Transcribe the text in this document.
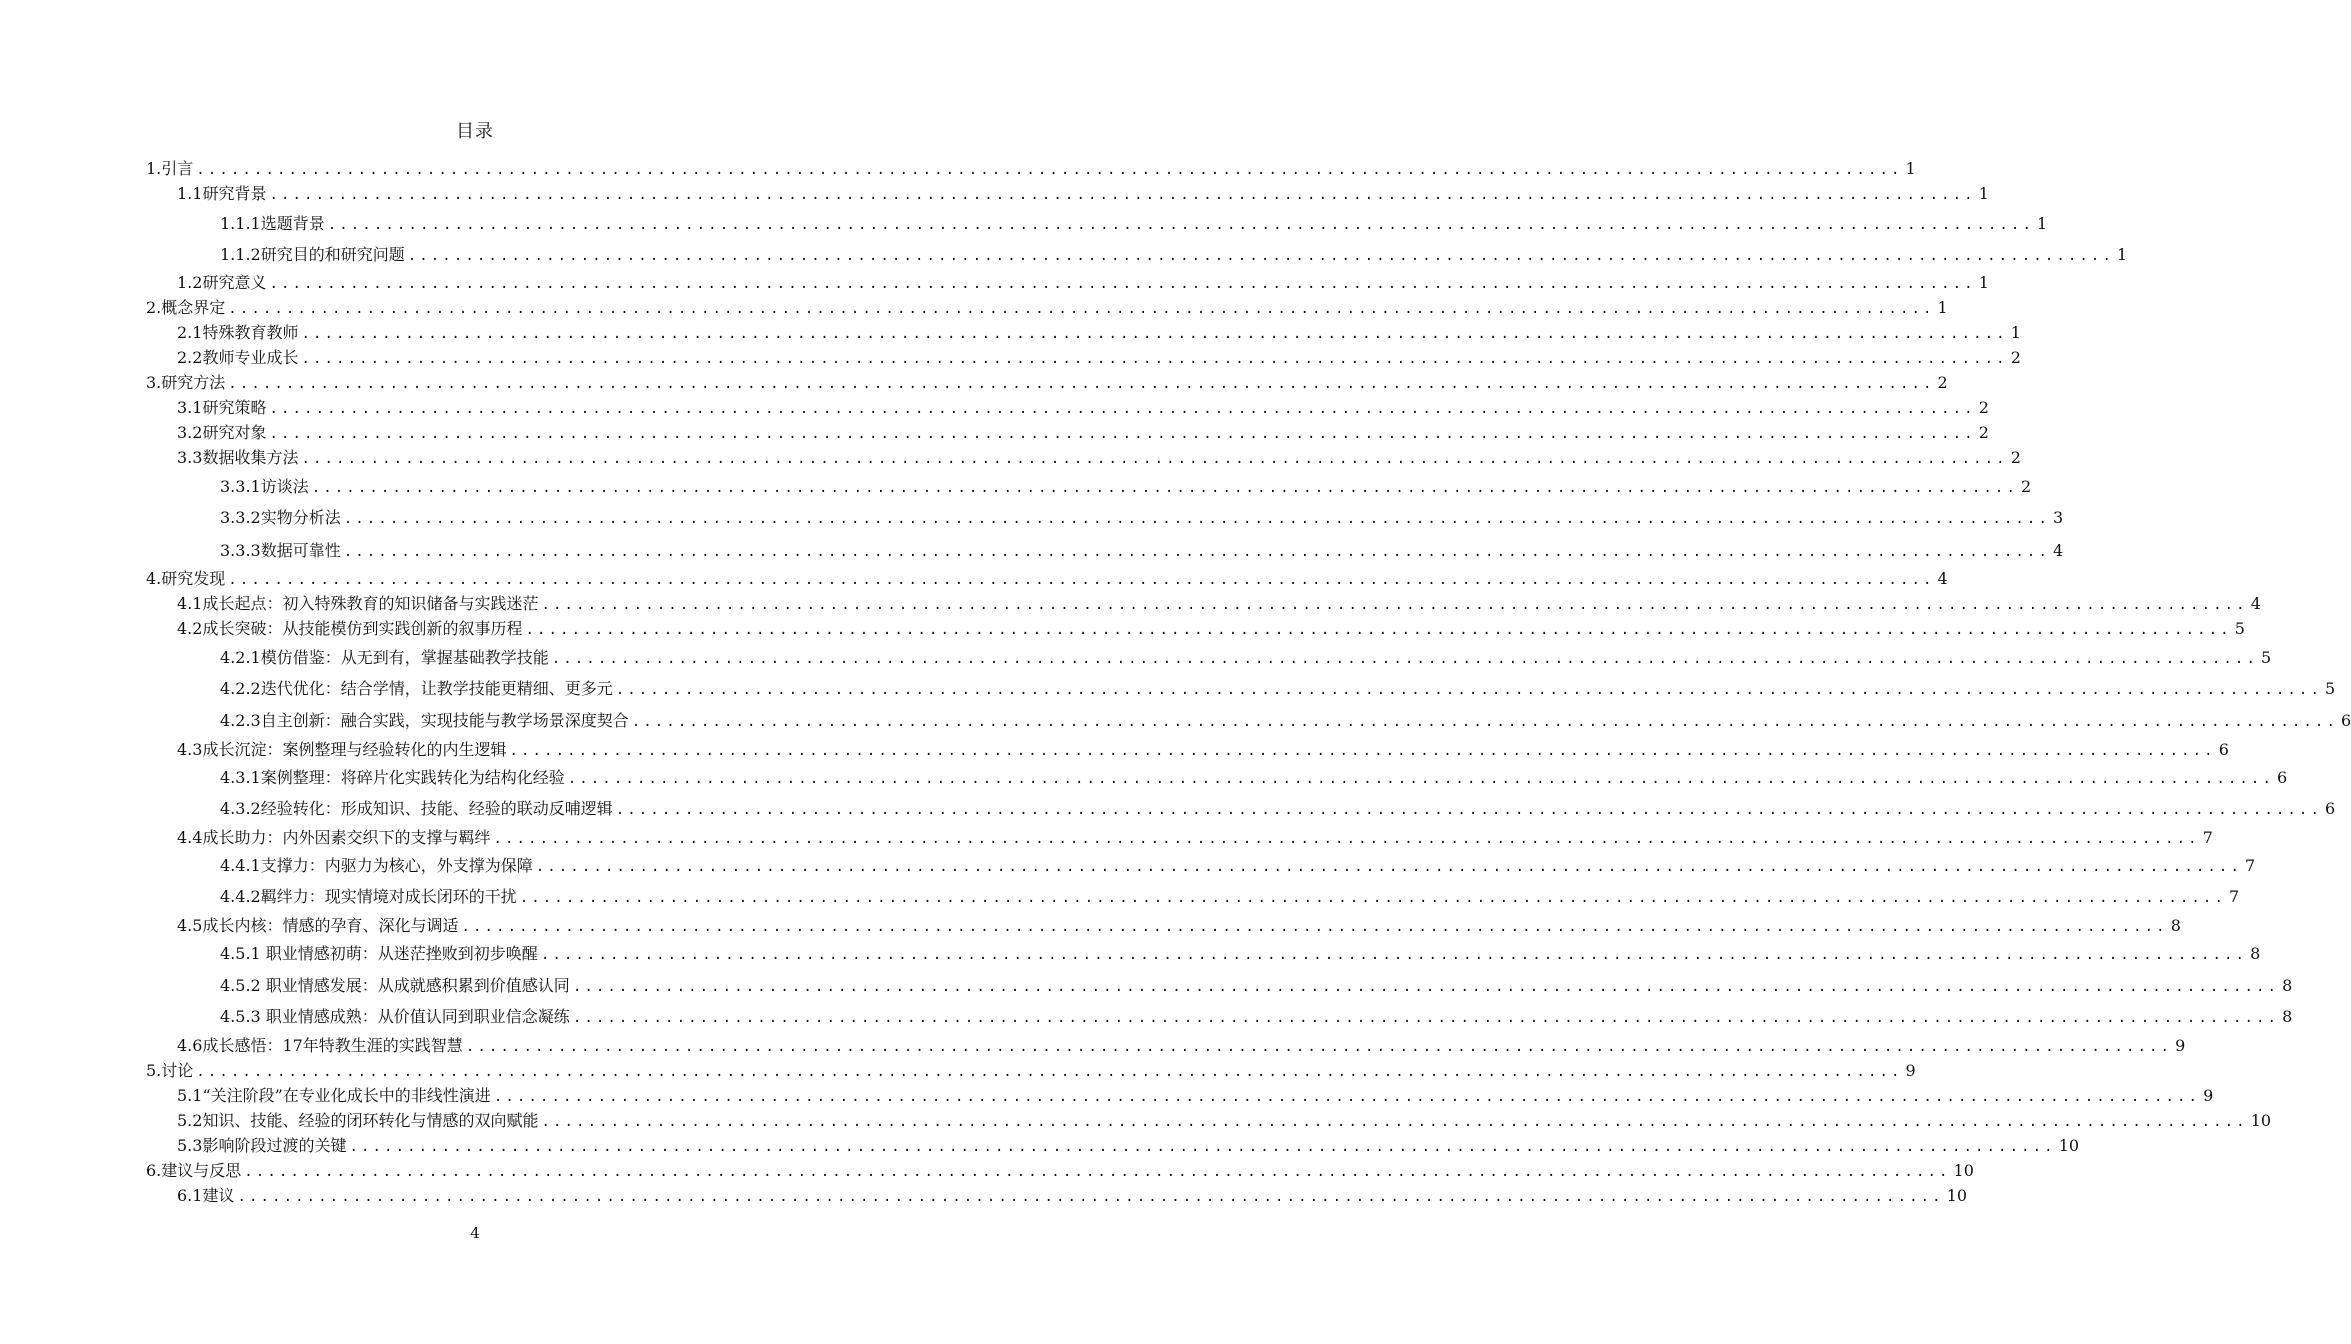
目录
1.引言 .................................................................................................................................................... 1
1.1研究背景 .................................................................................................................................................... 1
1.1.1选题背景 .................................................................................................................................................... 1
1.1.2研究目的和研究问题 .................................................................................................................................................... 1
1.2研究意义 .................................................................................................................................................... 1
2.概念界定 .................................................................................................................................................... 1
2.1特殊教育教师 .................................................................................................................................................... 1
2.2教师专业成长 .................................................................................................................................................... 2
3.研究方法 .................................................................................................................................................... 2
3.1研究策略 .................................................................................................................................................... 2
3.2研究对象 .................................................................................................................................................... 2
3.3数据收集方法 .................................................................................................................................................... 2
3.3.1访谈法 .................................................................................................................................................... 2
3.3.2实物分析法 .................................................................................................................................................... 3
3.3.3数据可靠性 .................................................................................................................................................... 4
4.研究发现 .................................................................................................................................................... 4
4.1成长起点：初入特殊教育的知识储备与实践迷茫 .................................................................................................................................................... 4
4.2成长突破：从技能模仿到实践创新的叙事历程 .................................................................................................................................................... 5
4.2.1模仿借鉴：从无到有，掌握基础教学技能 .................................................................................................................................................... 5
4.2.2迭代优化：结合学情，让教学技能更精细、更多元 .................................................................................................................................................... 5
4.2.3自主创新：融合实践，实现技能与教学场景深度契合 .................................................................................................................................................... 6
4.3成长沉淀：案例整理与经验转化的内生逻辑 .................................................................................................................................................... 6
4.3.1案例整理：将碎片化实践转化为结构化经验 .................................................................................................................................................... 6
4.3.2经验转化：形成知识、技能、经验的联动反哺逻辑 .................................................................................................................................................... 6
4.4成长助力：内外因素交织下的支撑与羁绊 .................................................................................................................................................... 7
4.4.1支撑力：内驱力为核心，外支撑为保障 .................................................................................................................................................... 7
4.4.2羁绊力：现实情境对成长闭环的干扰 .................................................................................................................................................... 7
4.5成长内核：情感的孕育、深化与调适 .................................................................................................................................................... 8
4.5.1 职业情感初萌：从迷茫挫败到初步唤醒 .................................................................................................................................................... 8
4.5.2 职业情感发展：从成就感积累到价值感认同 .................................................................................................................................................... 8
4.5.3 职业情感成熟：从价值认同到职业信念凝练 .................................................................................................................................................... 8
4.6成长感悟：17年特教生涯的实践智慧 .................................................................................................................................................... 9
5.讨论 .................................................................................................................................................... 9
5.1“关注阶段”在专业化成长中的非线性演进 .................................................................................................................................................... 9
5.2知识、技能、经验的闭环转化与情感的双向赋能 .................................................................................................................................................... 10
5.3影响阶段过渡的关键 .................................................................................................................................................... 10
6.建议与反思 .................................................................................................................................................... 10
6.1建议 .................................................................................................................................................... 10
4
